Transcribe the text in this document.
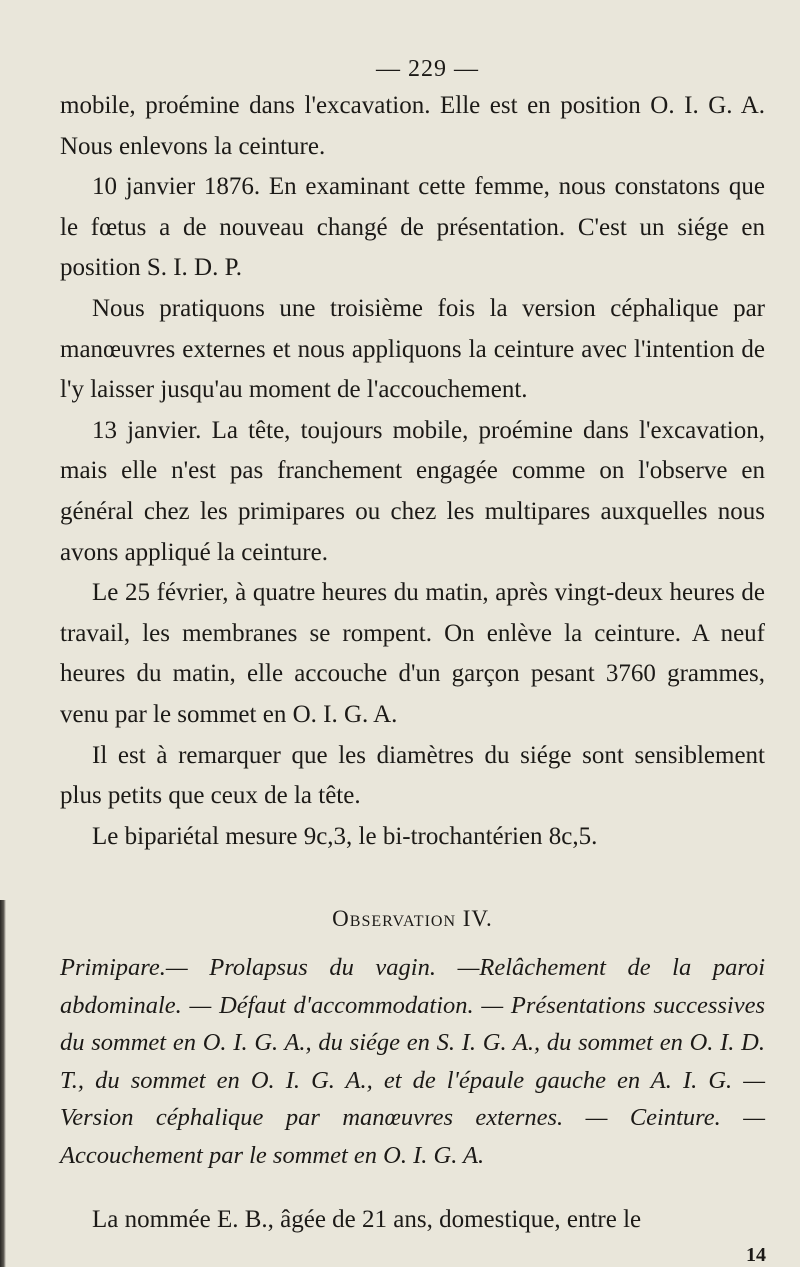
— 229 —

mobile, proémine dans l'excavation. Elle est en position O. I. G. A. Nous enlevons la ceinture.

10 janvier 1876. En examinant cette femme, nous constatons que le fœtus a de nouveau changé de présentation. C'est un siége en position S. I. D. P.

Nous pratiquons une troisième fois la version céphalique par manœuvres externes et nous appliquons la ceinture avec l'intention de l'y laisser jusqu'au moment de l'accouchement.

13 janvier. La tête, toujours mobile, proémine dans l'excavation, mais elle n'est pas franchement engagée comme on l'observe en général chez les primipares ou chez les multipares auxquelles nous avons appliqué la ceinture.

Le 25 février, à quatre heures du matin, après vingt-deux heures de travail, les membranes se rompent. On enlève la ceinture. A neuf heures du matin, elle accouche d'un garçon pesant 3760 grammes, venu par le sommet en O. I. G. A.

Il est à remarquer que les diamètres du siége sont sensiblement plus petits que ceux de la tête.

Le bipariétal mesure 9c,3, le bi-trochantérien 8c,5.

Observation IV.

Primipare.— Prolapsus du vagin. —Relâchement de la paroi abdominale. — Défaut d'accommodation. — Présentations successives du sommet en O. I. G. A., du siége en S. I. G. A., du sommet en O. I. D. T., du sommet en O. I. G. A., et de l'épaule gauche en A. I. G. — Version céphalique par manœuvres externes. — Ceinture. —Accouchement par le sommet en O. I. G. A.

La nommée E. B., âgée de 21 ans, domestique, entre le

14
